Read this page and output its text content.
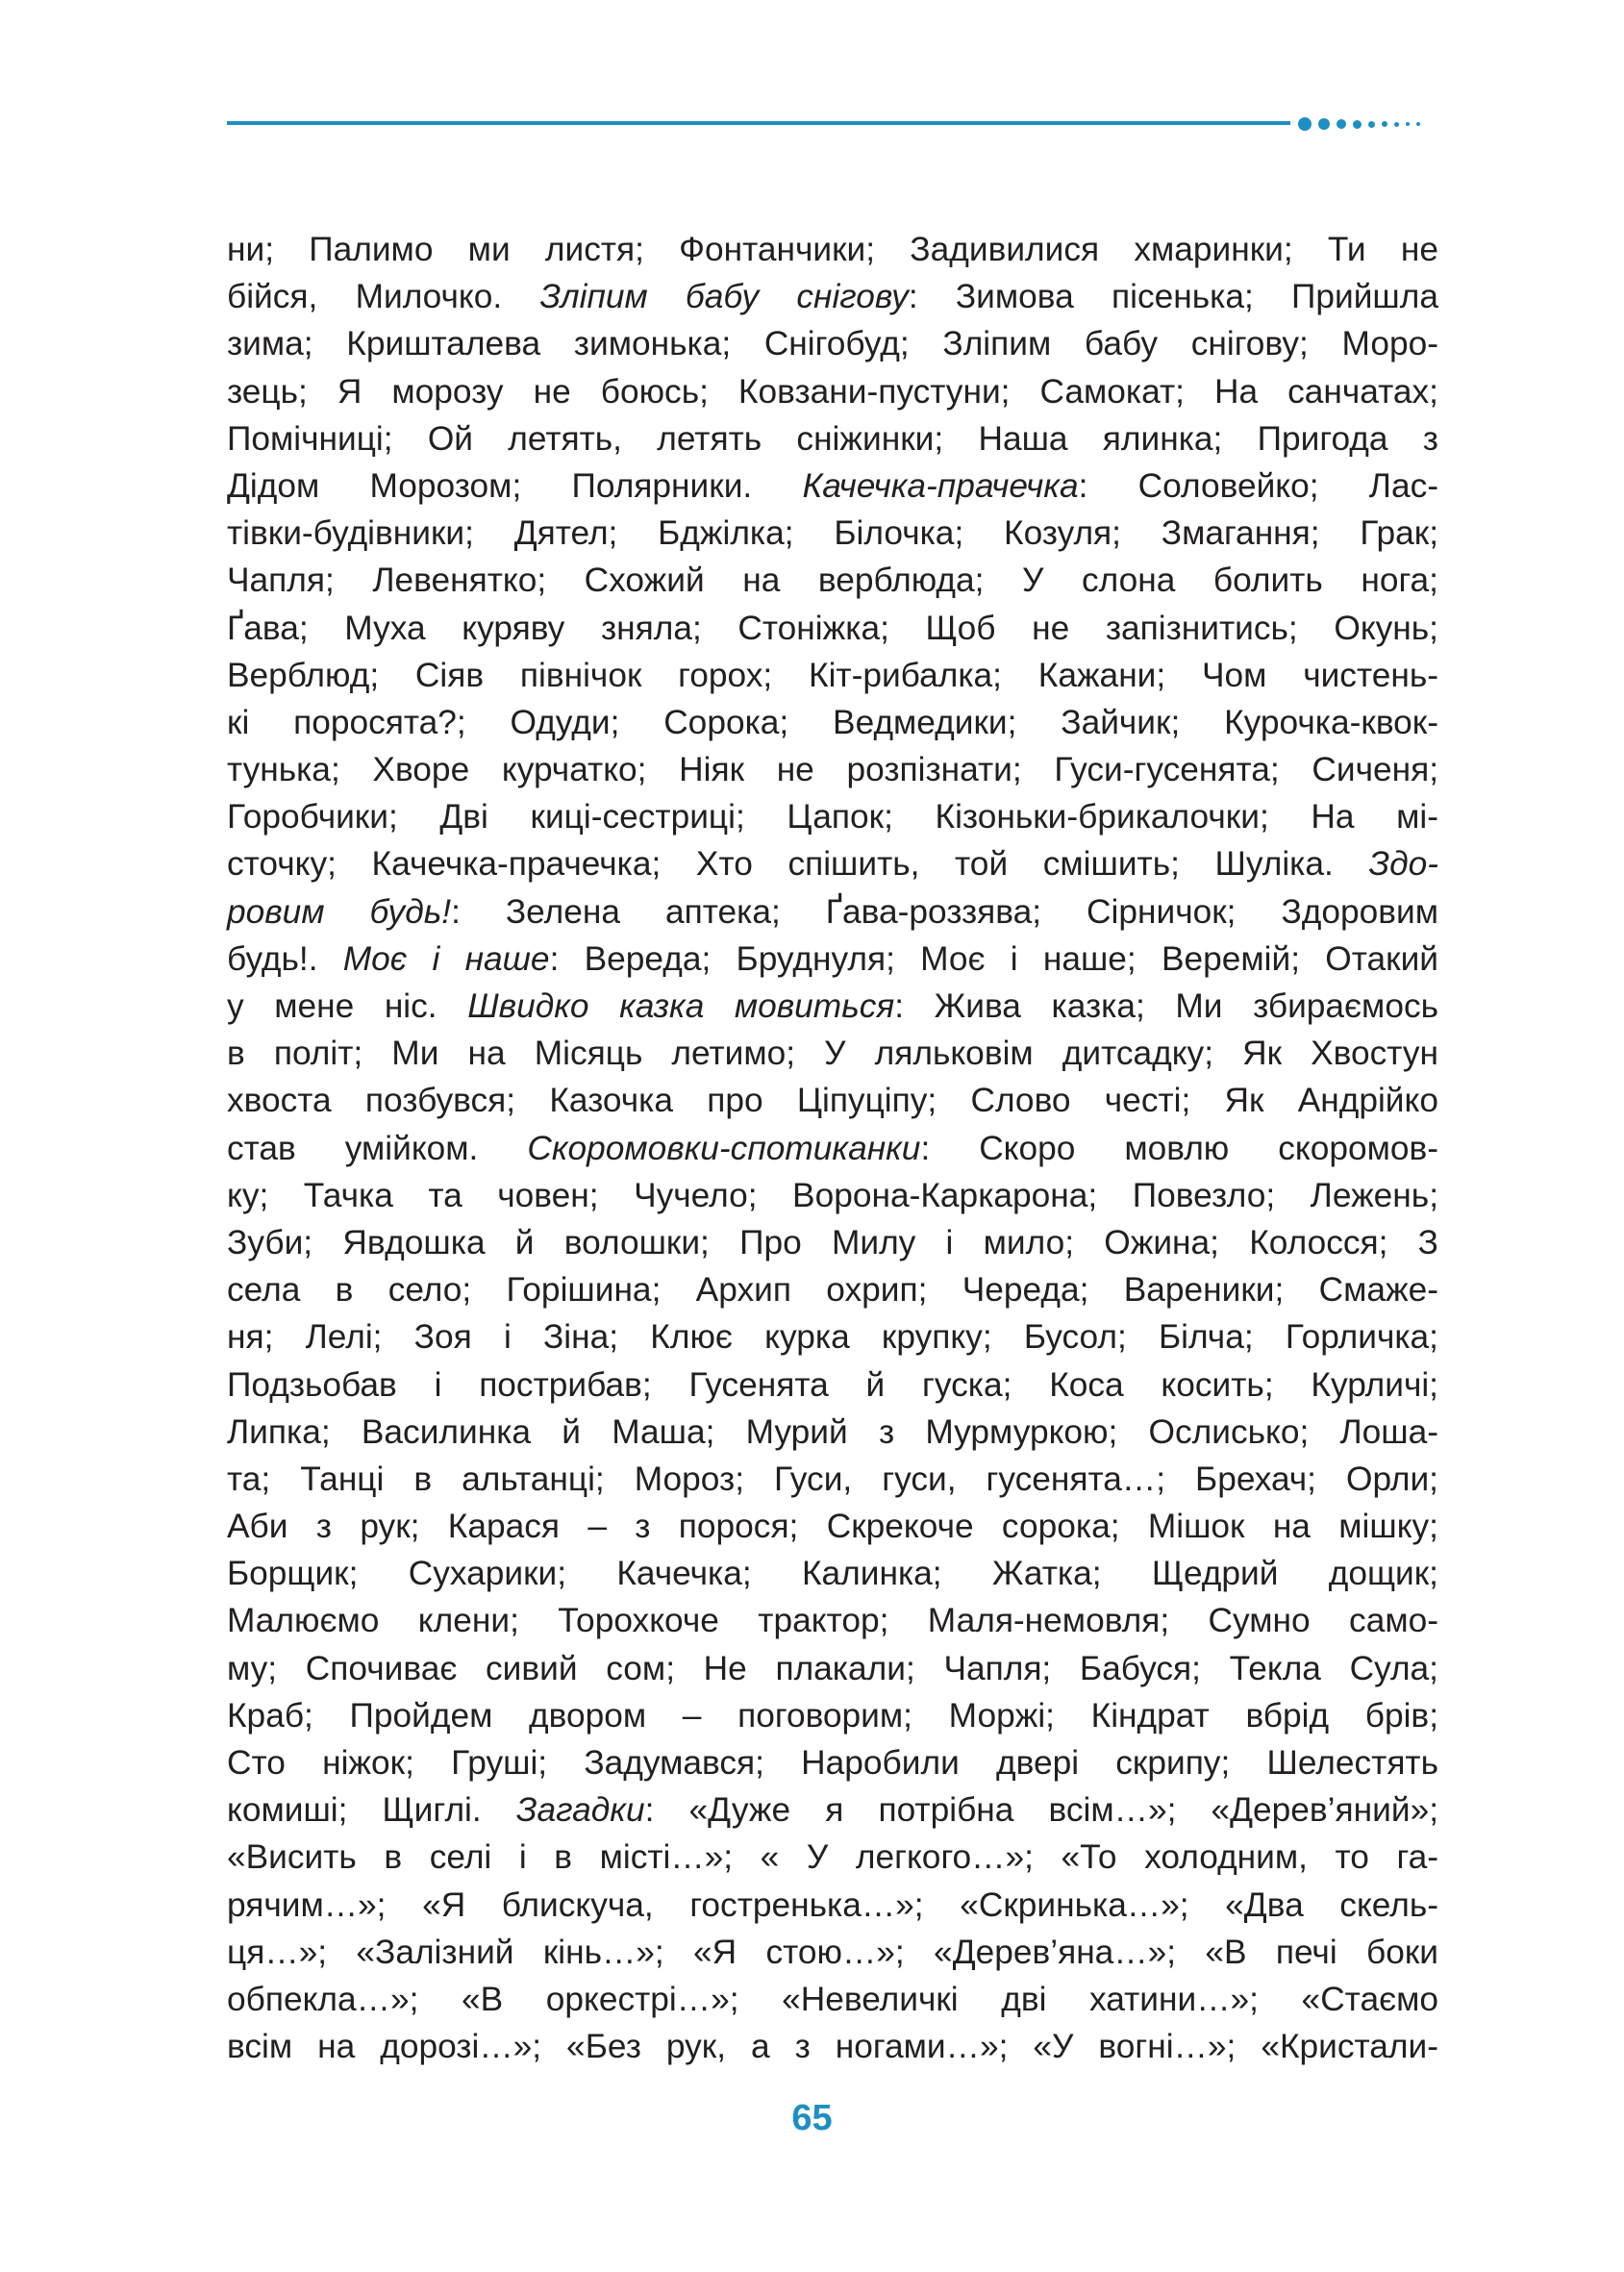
ни; Палимо ми листя; Фонтанчики; Задивилися хмаринки; Ти не
бійся, Милочко. Зліпим бабу снігову: Зимова пісенька; Прийшла
зима; Кришталева зимонька; Снігобуд; Зліпим бабу снігову; Моро-
зець; Я морозу не боюсь; Ковзани-пустуни; Самокат; На санчатах;
Помічниці; Ой летять, летять сніжинки; Наша ялинка; Пригода з
Дідом Морозом; Полярники. Качечка-прачечка: Соловейко; Лас-
тівки-будівники; Дятел; Бджілка; Білочка; Козуля; Змагання; Грак;
Чапля; Левенятко; Схожий на верблюда; У слона болить нога;
Ґава; Муха куряву зняла; Стоніжка; Щоб не запізнитись; Окунь;
Верблюд; Сіяв північок горох; Кіт-рибалка; Кажани; Чом чистень-
кі поросята?; Одуди; Сорока; Ведмедики; Зайчик; Курочка-квок-
тунька; Хворе курчатко; Ніяк не розпізнати; Гуси-гусенята; Сиченя;
Горобчики; Дві киці-сестриці; Цапок; Кізоньки-брикалочки; На мі-
сточку; Качечка-прачечка; Хто спішить, той смішить; Шуліка. Здо-
ровим будь!: Зелена аптека; Ґава-роззява; Сірничок; Здоровим
будь!. Моє і наше: Вереда; Бруднуля; Моє і наше; Веремій; Отакий
у мене ніс. Швидко казка мовиться: Жива казка; Ми збираємось
в політ; Ми на Місяць летимо; У ляльковім дитсадку; Як Хвостун
хвоста позбувся; Казочка про Ціпуціпу; Слово честі; Як Андрійко
став умійком. Скоромовки-спотиканки: Скоро мовлю скоромов-
ку; Тачка та човен; Чучело; Ворона-Каркарона; Повезло; Лежень;
Зуби; Явдошка й волошки; Про Милу і мило; Ожина; Колосся; З
села в село; Горішина; Архип охрип; Череда; Вареники; Смаже-
ня; Лелі; Зоя і Зіна; Клює курка крупку; Бусол; Білча; Горличка;
Подзьобав і пострибав; Гусенята й гуска; Коса косить; Курличі;
Липка; Василинка й Маша; Мурий з Мурмуркою; Ослисько; Лоша-
та; Танці в альтанці; Мороз; Гуси, гуси, гусенята…; Брехач; Орли;
Аби з рук; Карася – з порося; Скрекоче сорока; Мішок на мішку;
Борщик; Сухарики; Качечка; Калинка; Жатка; Щедрий дощик;
Малюємо клени; Торохкоче трактор; Маля-немовля; Сумно само-
му; Спочиває сивий сом; Не плакали; Чапля; Бабуся; Текла Сула;
Краб; Пройдем двором – поговорим; Моржі; Кіндрат вбрід брів;
Сто ніжок; Груші; Задумався; Наробили двері скрипу; Шелестять
комиші; Щиглі. Загадки: «Дуже я потрібна всім…»; «Дерев’яний»;
«Висить в селі і в місті…»; « У легкого…»; «То холодним, то га-
рячим…»; «Я блискуча, гостренька…»; «Скринька…»; «Два скель-
ця…»; «Залізний кінь…»; «Я стою…»; «Дерев’яна…»; «В печі боки
обпекла…»; «В оркестрі…»; «Невеличкі дві хатини…»; «Стаємо
всім на дорозі…»; «Без рук, а з ногами…»; «У вогні…»; «Кристали-
65
